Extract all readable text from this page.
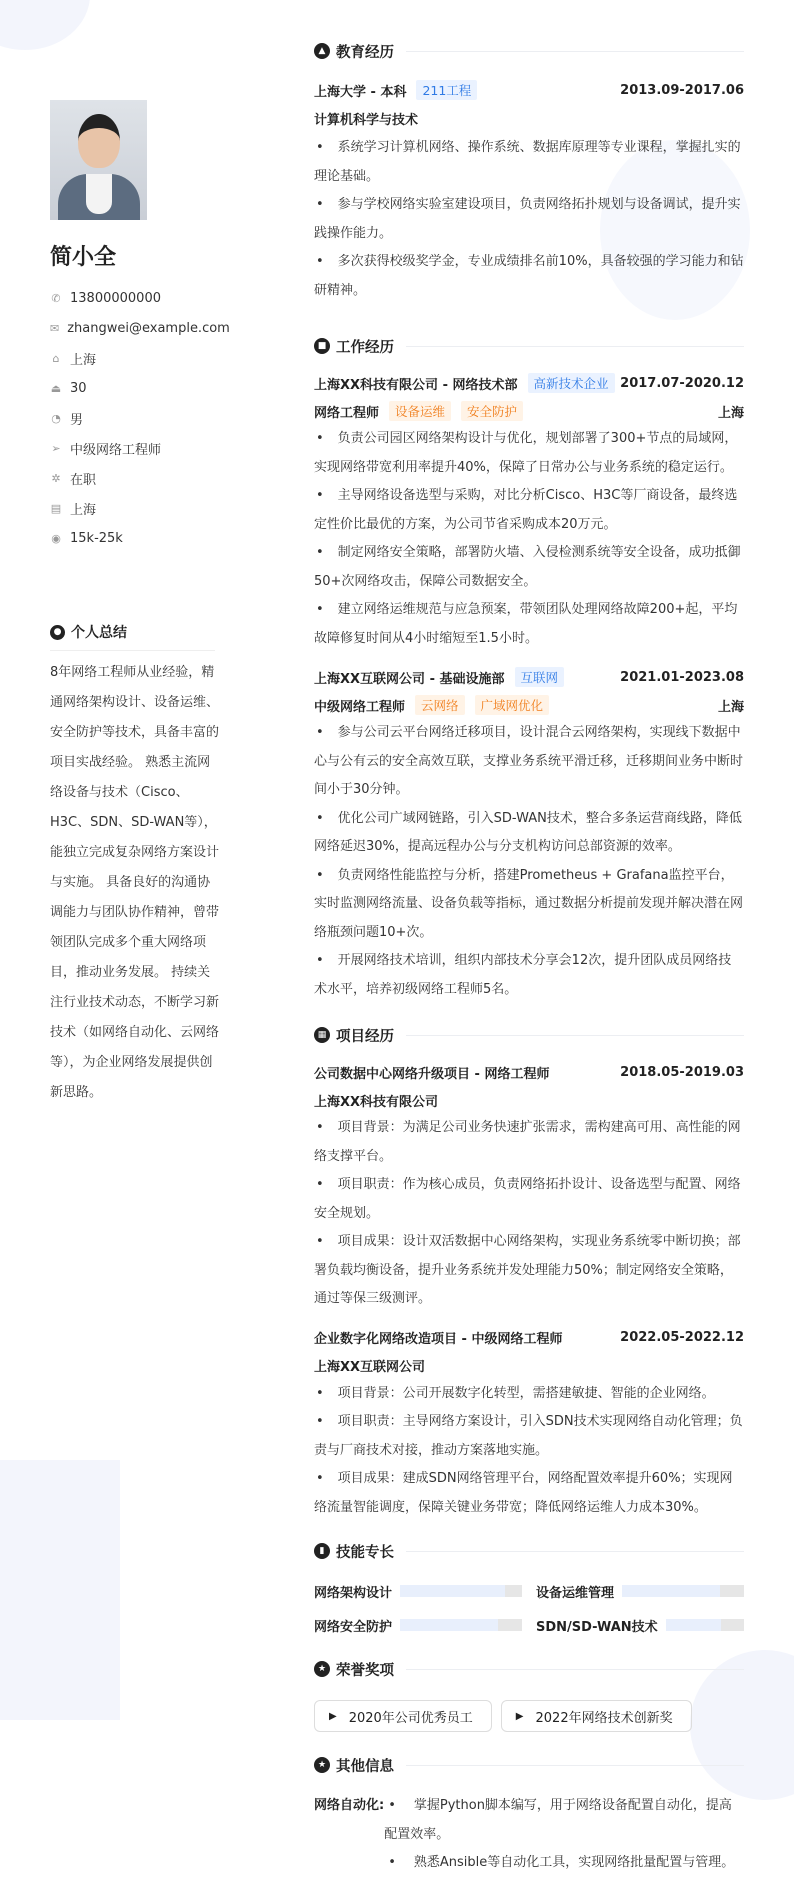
简小全
✆ 13800000000
✉ zhangwei@example.com
⌂ 上海
⏏ 30
◔ 男
➢ 中级网络工程师
✲ 在职
▤ 上海
◉ 15k-25k
● 个人总结
8年网络工程师从业经验，精通网络架构设计、设备运维、安全防护等技术，具备丰富的项目实战经验。 熟悉主流网络设备与技术（Cisco、H3C、SDN、SD-WAN等），能独立完成复杂网络方案设计与实施。 具备良好的沟通协调能力与团队协作精神，曾带领团队完成多个重大网络项目，推动业务发展。 持续关注行业技术动态，不断学习新技术（如网络自动化、云网络等），为企业网络发展提供创新思路。
▲ 教育经历
上海大学 - 本科	211工程	2013.09-2017.06
计算机科学与技术
• 系统学习计算机网络、操作系统、数据库原理等专业课程，掌握扎实的理论基础。
• 参与学校网络实验室建设项目，负责网络拓扑规划与设备调试，提升实践操作能力。
• 多次获得校级奖学金，专业成绩排名前10%，具备较强的学习能力和钻研精神。
■ 工作经历
上海XX科技有限公司 - 网络技术部	高新技术企业 2017.07-2020.12
网络工程师	设备运维	安全防护	上海
• 负责公司园区网络架构设计与优化，规划部署了300+节点的局域网，实现网络带宽利用率提升40%，保障了日常办公与业务系统的稳定运行。
• 主导网络设备选型与采购，对比分析Cisco、H3C等厂商设备，最终选定性价比最优的方案，为公司节省采购成本20万元。
• 制定网络安全策略，部署防火墙、入侵检测系统等安全设备，成功抵御50+次网络攻击，保障公司数据安全。
• 建立网络运维规范与应急预案，带领团队处理网络故障200+起，平均故障修复时间从4小时缩短至1.5小时。
上海XX互联网公司 - 基础设施部	互联网	2021.01-2023.08
中级网络工程师	云网络	广域网优化	上海
• 参与公司云平台网络迁移项目，设计混合云网络架构，实现线下数据中心与公有云的安全高效互联，支撑业务系统平滑迁移，迁移期间业务中断时间小于30分钟。
• 优化公司广域网链路，引入SD-WAN技术，整合多条运营商线路，降低网络延迟30%，提高远程办公与分支机构访问总部资源的效率。
• 负责网络性能监控与分析，搭建Prometheus + Grafana监控平台，实时监测网络流量、设备负载等指标，通过数据分析提前发现并解决潜在网络瓶颈问题10+次。
• 开展网络技术培训，组织内部技术分享会12次，提升团队成员网络技术水平，培养初级网络工程师5名。
▦ 项目经历
公司数据中心网络升级项目 - 网络工程师	2018.05-2019.03
上海XX科技有限公司
• 项目背景：为满足公司业务快速扩张需求，需构建高可用、高性能的网络支撑平台。
• 项目职责：作为核心成员，负责网络拓扑设计、设备选型与配置、网络安全规划。
• 项目成果：设计双活数据中心网络架构，实现业务系统零中断切换；部署负载均衡设备，提升业务系统并发处理能力50%；制定网络安全策略，通过等保三级测评。
企业数字化网络改造项目 - 中级网络工程师	2022.05-2022.12
上海XX互联网公司
• 项目背景：公司开展数字化转型，需搭建敏捷、智能的企业网络。
• 项目职责：主导网络方案设计，引入SDN技术实现网络自动化管理；负责与厂商技术对接，推动方案落地实施。
• 项目成果：建成SDN网络管理平台，网络配置效率提升60%；实现网络流量智能调度，保障关键业务带宽；降低网络运维人力成本30%。
▮ 技能专长
网络架构设计	设备运维管理
网络安全防护	SDN/SD-WAN技术
★ 荣誉奖项
▶ 2020年公司优秀员工	▶ 2022年网络技术创新奖
★ 其他信息
网络自动化:	• 掌握Python脚本编写，用于网络设备配置自动化，提高配置效率。
• 熟悉Ansible等自动化工具，实现网络批量配置与管理。
